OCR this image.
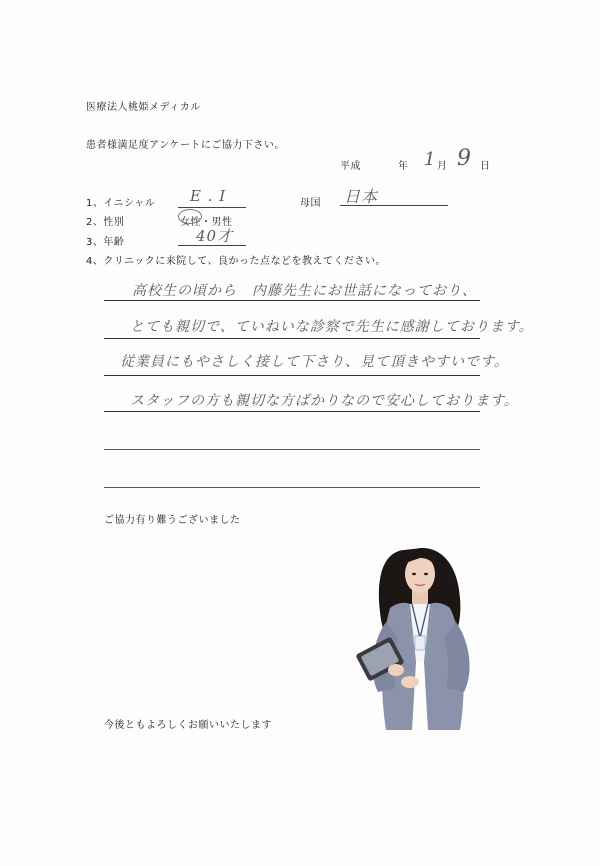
医療法人桃姫メディカル
患者様満足度アンケートにご協力下さい。
平成	年 1 月 9 日
1、イニシャル E . I	母国 日本
2、性別	女性・男性
3、年齢	40才
4、クリニックに来院して、良かった点などを教えてください。
高校生の頃から　内藤先生にお世話になっており、
とても親切で、ていねいな診察で先生に感謝しております。
従業員にもやさしく接して下さり、見て頂きやすいです。
スタッフの方も親切な方ばかりなので安心しております。
ご協力有り難うございました
今後ともよろしくお願いいたします
